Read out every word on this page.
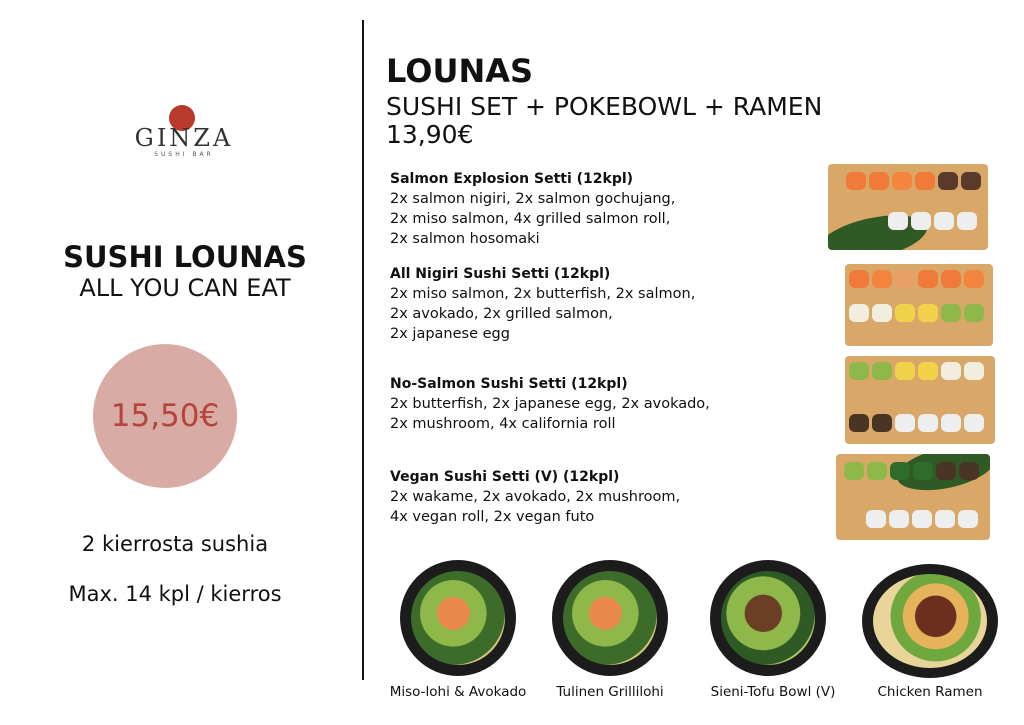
GINZA
SUSHI BAR
SUSHI LOUNAS
ALL YOU CAN EAT
15,50€
2 kierrosta sushia
Max. 14 kpl / kierros
LOUNAS
SUSHI SET + POKEBOWL + RAMEN
13,90€
Salmon Explosion Setti (12kpl)
2x salmon nigiri, 2x salmon gochujang,
2x miso salmon, 4x grilled salmon roll,
2x salmon hosomaki
All Nigiri Sushi Setti (12kpl)
2x miso salmon, 2x butterfish, 2x salmon,
2x avokado, 2x grilled salmon,
2x japanese egg
No-Salmon Sushi Setti (12kpl)
2x butterfish, 2x japanese egg, 2x avokado,
2x mushroom, 4x california roll
Vegan Sushi Setti (V) (12kpl)
2x wakame, 2x avokado, 2x mushroom,
4x vegan roll, 2x vegan futo
Miso-lohi & Avokado	Tulinen Grillilohi	Sieni-Tofu Bowl (V)	Chicken Ramen
